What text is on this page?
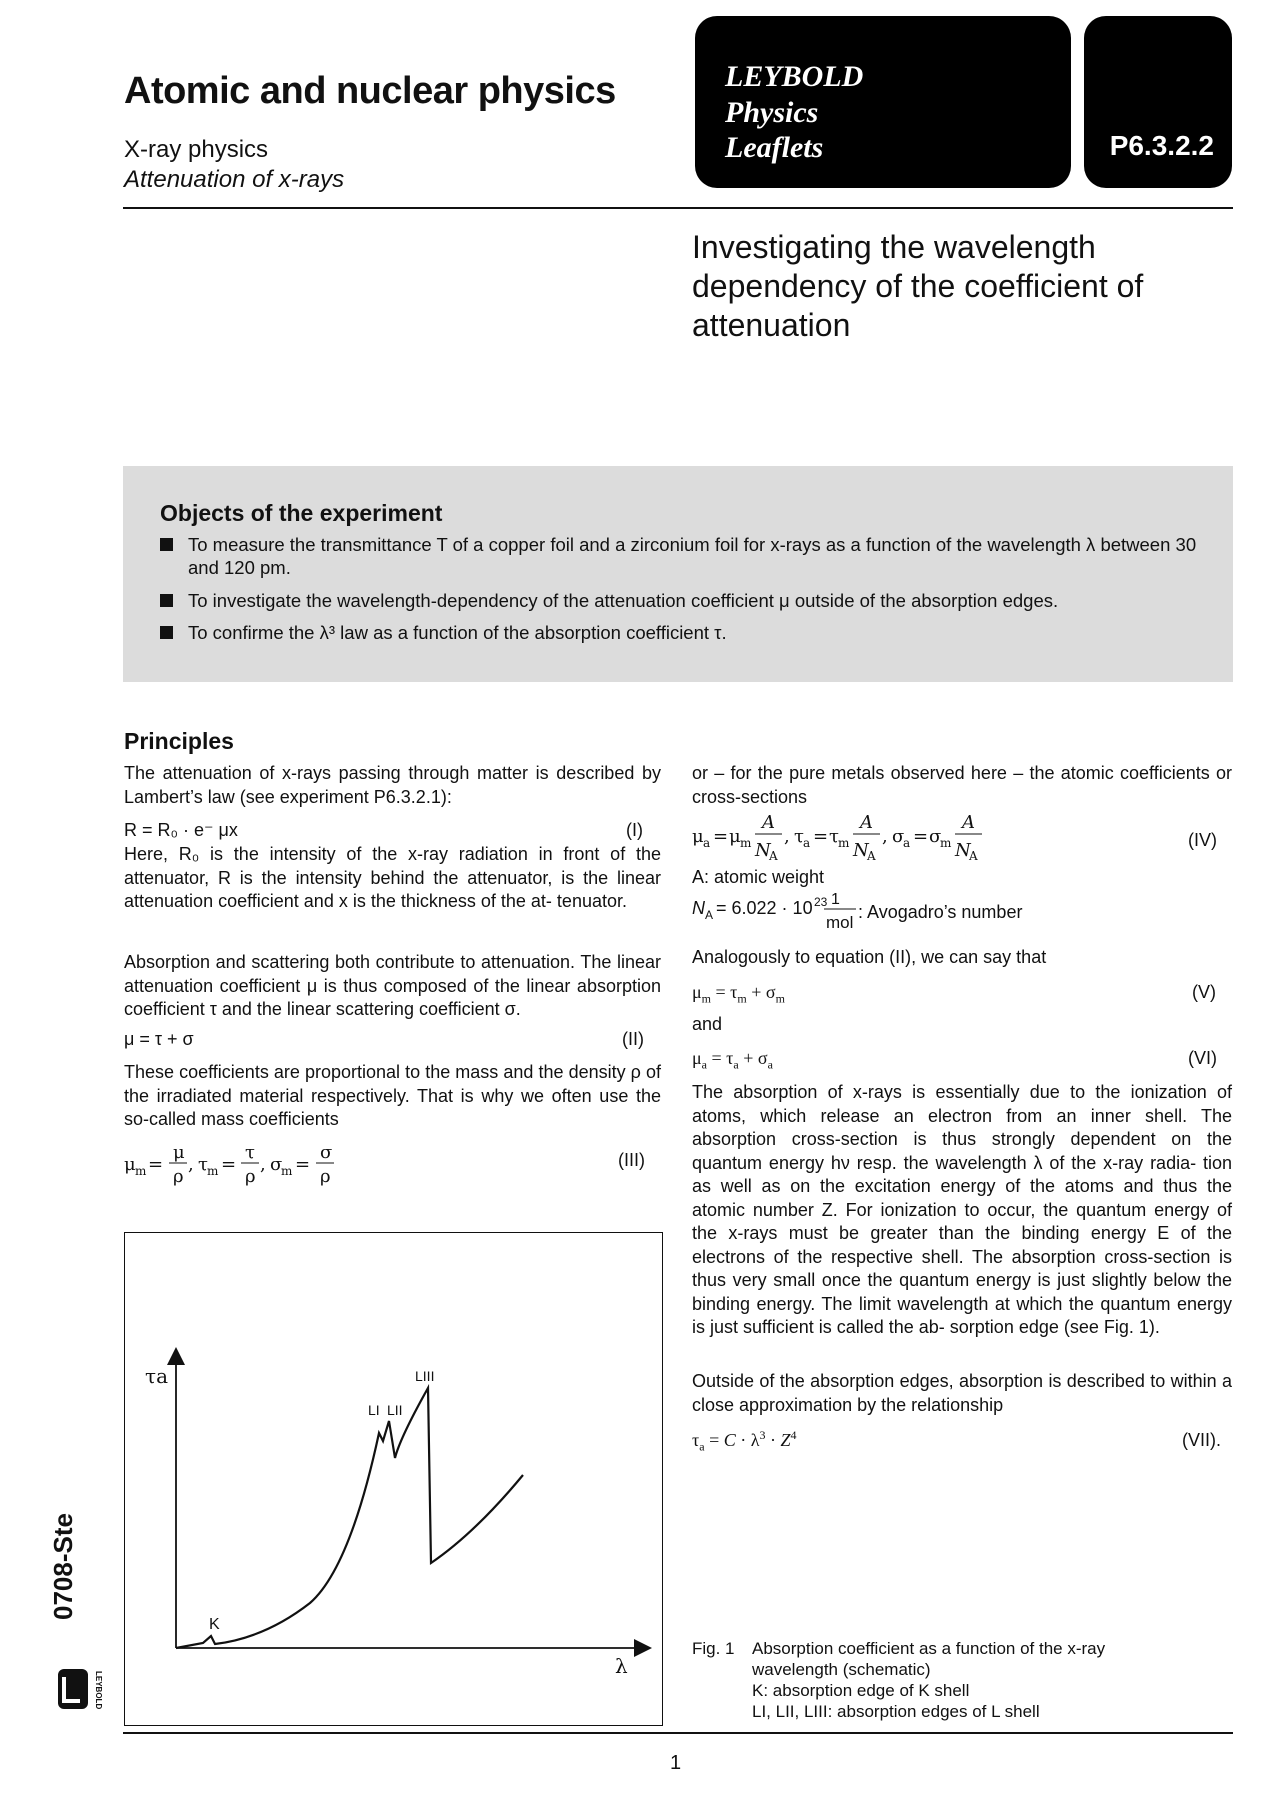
Atomic and nuclear physics
X-ray physics
Attenuation of x-rays
LEYBOLD
Physics
Leaflets	P6.3.2.2
Investigating the wavelength dependency of the coefficient of attenuation
Objects of the experiment
To measure the transmittance T of a copper foil and a zirconium foil for x-rays as a function of the wavelength λ between 30 and 120 pm.
To investigate the wavelength-dependency of the attenuation coefficient μ outside of the absorption edges.
To confirme the λ³ law as a function of the absorption coefficient τ.
Principles
The attenuation of x-rays passing through matter is described by Lambert’s law (see experiment P6.3.2.1):
R = R₀ · e⁻ μx	(I)
Here, R₀ is the intensity of the x-ray radiation in front of the attenuator, R is the intensity behind the attenuator, is the linear attenuation coefficient and x is the thickness of the at- tenuator.
Absorption and scattering both contribute to attenuation. The linear attenuation coefficient μ is thus composed of the linear absorption coefficient τ and the linear scattering coefficient σ.
μ = τ + σ	(II)
These coefficients are proportional to the mass and the density ρ of the irradiated material respectively. That is why we often use the so-called mass coefficients
μ m =
μ
ρ
, τ m =
τ
ρ
, σ
m =
σ
ρ
(III)
τa
λ
K
LI LII
LIII
or – for the pure metals observed here – the atomic coefficients or cross-sections
μ a = μ m
A
N
A
, τ a = τ m
A
N
A
, σ
a = σ
m
A
N
A
(IV)
A: atomic weight
N A = 6.022 · 10 23 1
mol
: Avogadro’s number
Analogously to equation (II), we can say that
$\mu_m = \tau_m + \sigma_m$	(V)
and
$\mu_a = \tau_a + \sigma_a$	(VI)
The absorption of x-rays is essentially due to the ionization of atoms, which release an electron from an inner shell. The absorption cross-section is thus strongly dependent on the quantum energy hν resp. the wavelength λ of the x-ray radia- tion as well as on the excitation energy of the atoms and thus the atomic number Z. For ionization to occur, the quantum energy of the x-rays must be greater than the binding energy E of the electrons of the respective shell. The absorption cross-section is thus very small once the quantum energy is just slightly below the binding energy. The limit wavelength at which the quantum energy is just sufficient is called the ab- sorption edge (see Fig. 1).
Outside of the absorption edges, absorption is described to within a close approximation by the relationship
$\tau_a = C \cdot \lambda^3 \cdot Z^4$	(VII).
Fig. 1 Absorption coefficient as a function of the x-ray
wavelength (schematic)
K: absorption edge of K shell
LI, LII, LIII: absorption edges of L shell
1
0708-Ste
LEYBOLD
